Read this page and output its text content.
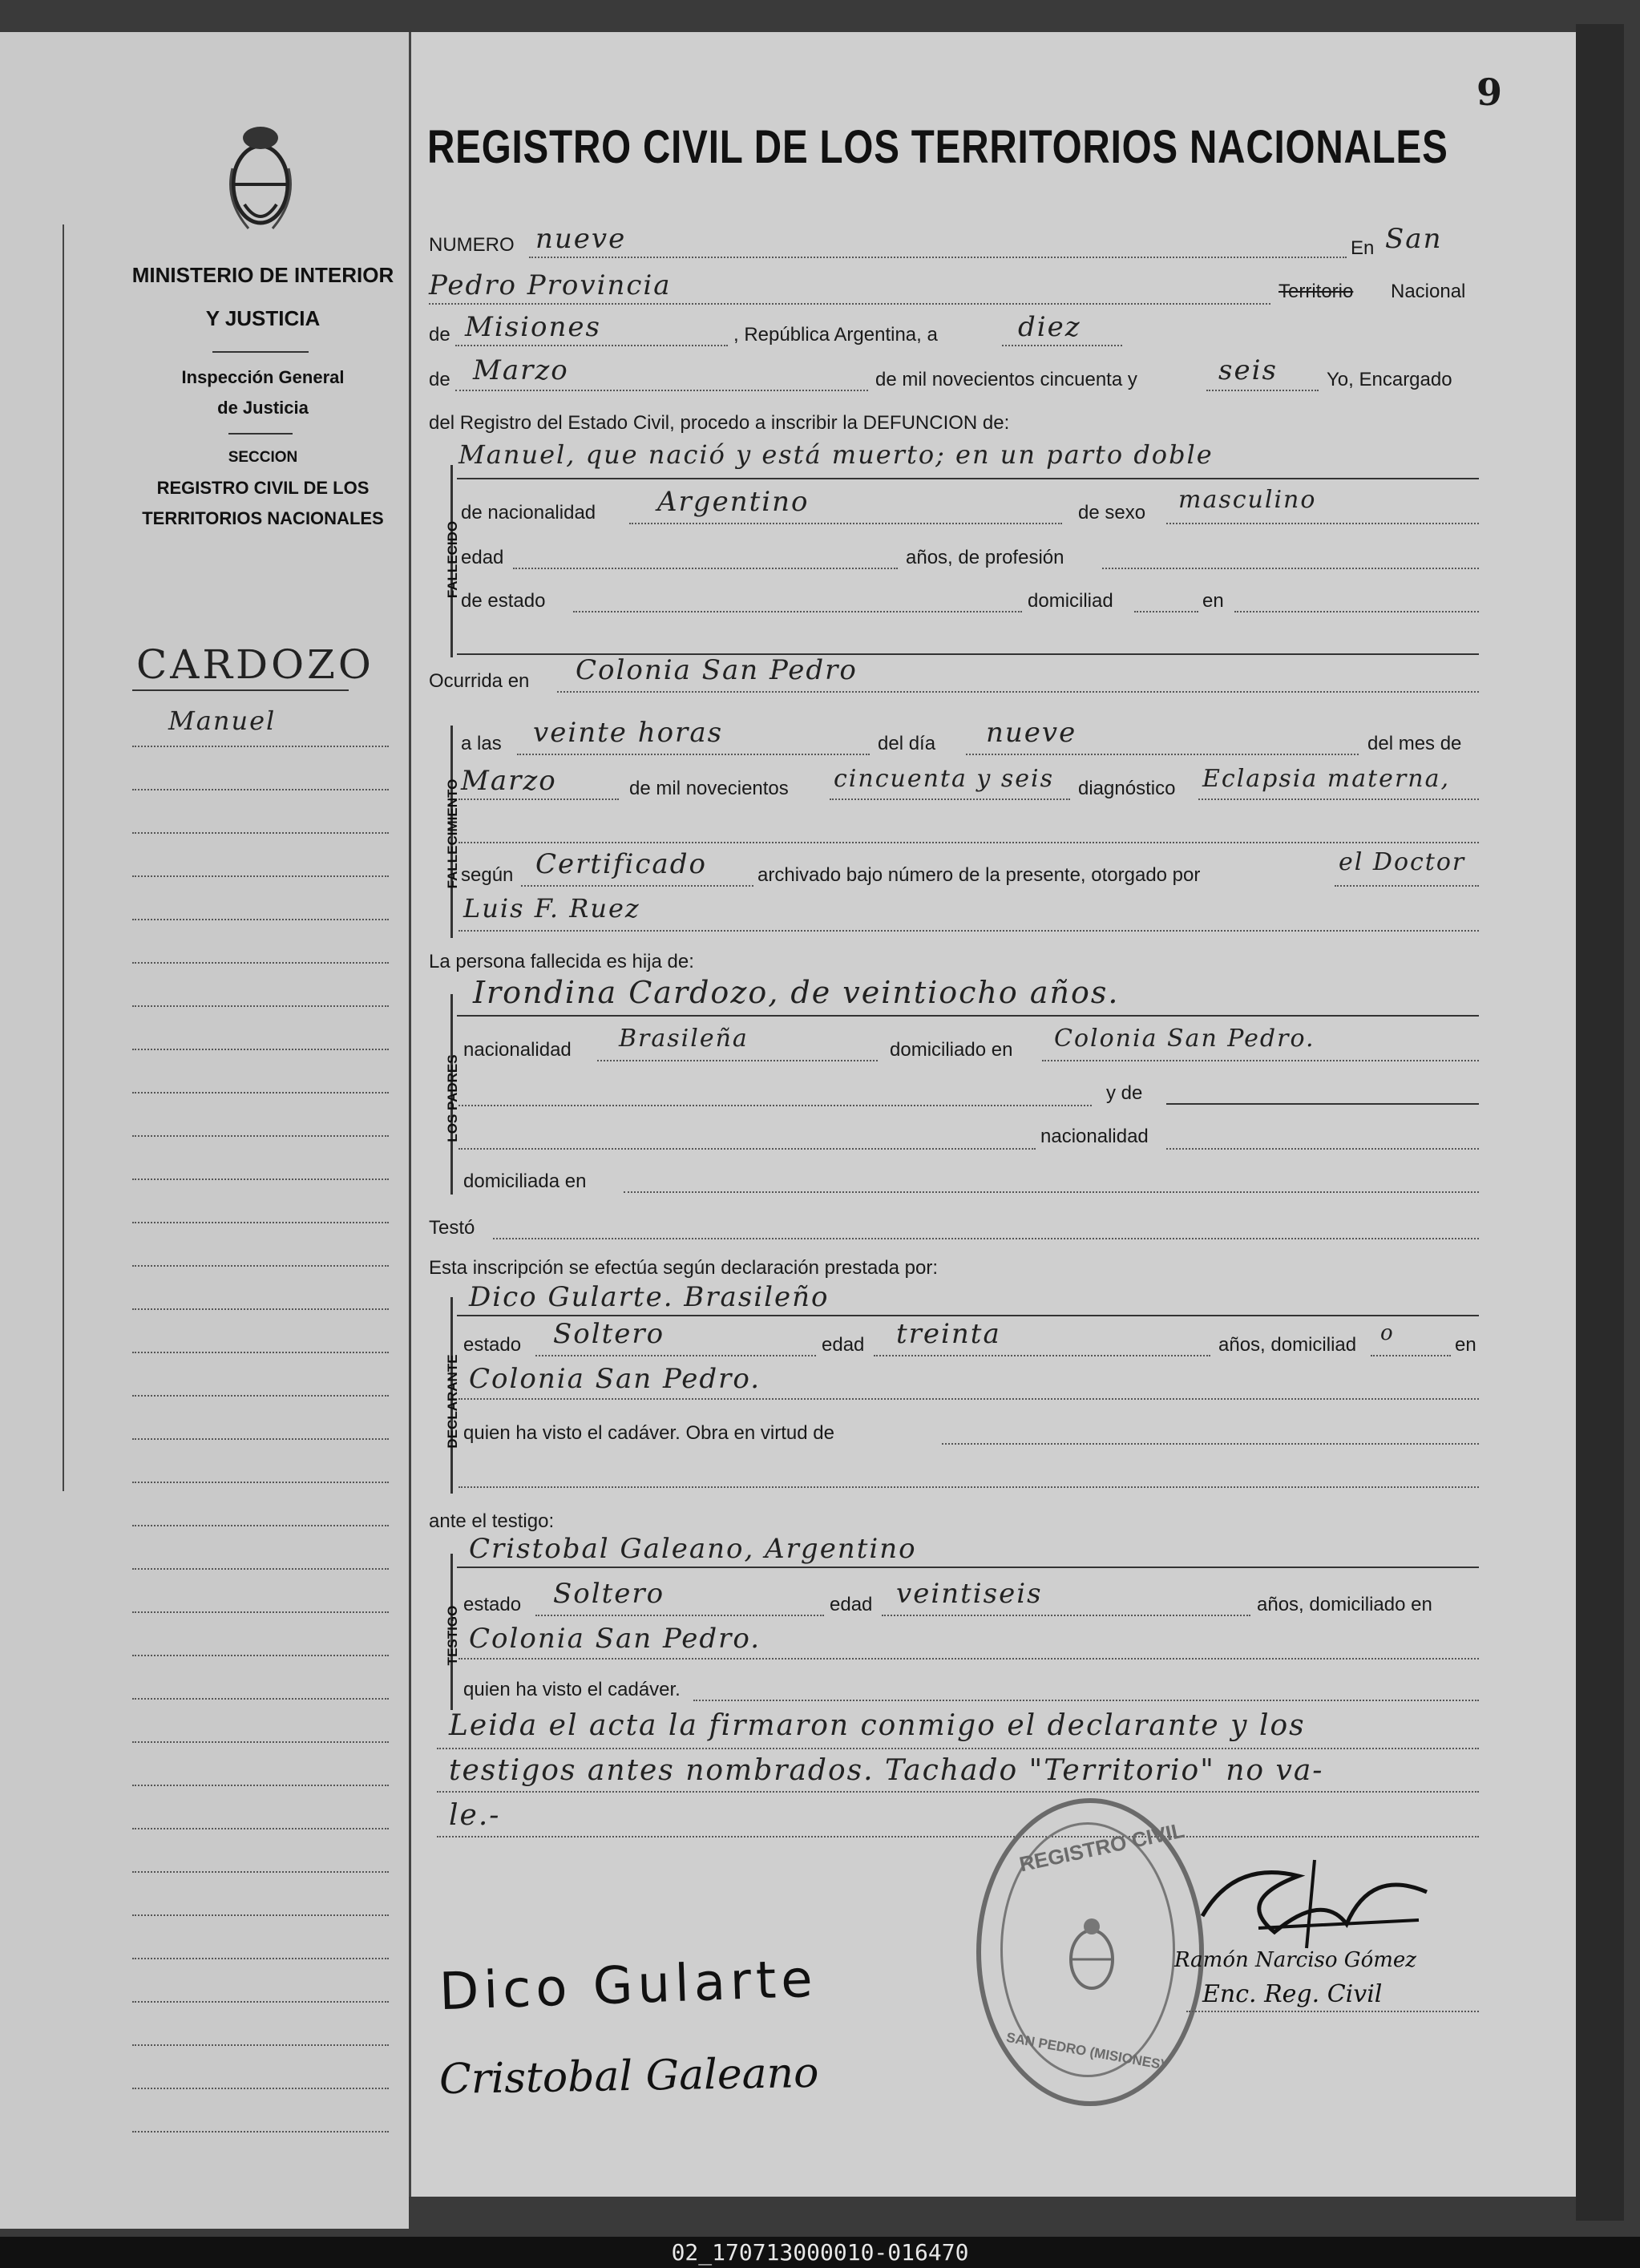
MINISTERIO DE INTERIOR
Y JUSTICIA
Inspección General
de Justicia
SECCION
REGISTRO CIVIL DE LOS
TERRITORIOS NACIONALES
CARDOZO
Manuel
9
REGISTRO CIVIL DE LOS TERRITORIOS NACIONALES
NUMERO nueve	En San
Pedro Provincia	Territorio Nacional
de Misiones	, República Argentina, a	diez
de Marzo	de mil novecientos cincuenta y	seis	Yo, Encargado
del Registro del Estado Civil, procedo a inscribir la DEFUNCION de:
FALLECIDO
Manuel, que nació y está muerto; en un parto doble
de nacionalidad Argentino	de sexo masculino
edad	años, de profesión
de estado	domiciliad	en
Ocurrida en Colonia San Pedro
FALLECIMIENTO
a las veinte horas	del día nueve	del mes de
Marzo	de mil novecientos cincuenta y seis diagnóstico Eclapsia materna,
según Certificado	archivado bajo número de la presente, otorgado por	el Doctor
Luis F. Ruez
La persona fallecida es hija de:
LOS PADRES
Irondina Cardozo, de veintiocho años.
nacionalidad Brasileña	domiciliado en Colonia San Pedro.
y de
nacionalidad
domiciliada en
Testó
Esta inscripción se efectúa según declaración prestada por:
DECLARANTE
Dico Gularte. Brasileño
estado Soltero	edad treinta	años, domiciliad o	en
Colonia San Pedro.
quien ha visto el cadáver. Obra en virtud de
ante el testigo:
TESTIGO
Cristobal Galeano, Argentino
estado Soltero	edad veintiseis	años, domiciliado en
Colonia San Pedro.
quien ha visto el cadáver.
Leida el acta la firmaron conmigo el declarante y los
testigos antes nombrados. Tachado "Territorio" no va-
le.-
REGISTRO CIVIL
SAN PEDRO (MISIONES)
Dico Gularte
Cristobal Galeano
Ramón Narciso Gómez
Enc. Reg. Civil
02_170713000010-016470
